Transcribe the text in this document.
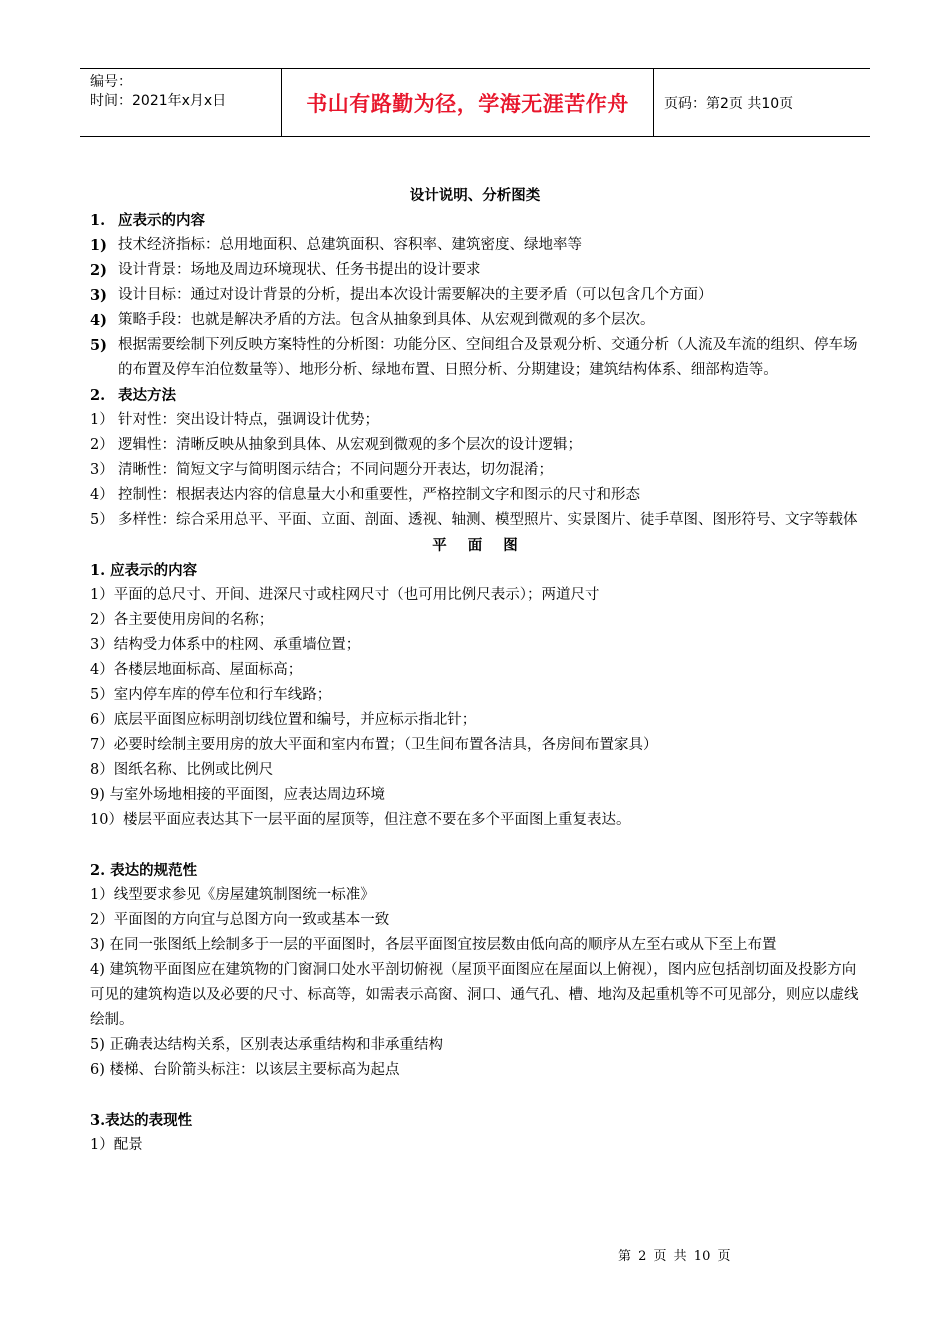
编号：
时间：2021年x月x日	书山有路勤为径，学海无涯苦作舟	页码：第2页 共10页
设计说明、分析图类
1. 应表示的内容
1) 技术经济指标：总用地面积、总建筑面积、容积率、建筑密度、绿地率等
2) 设计背景：场地及周边环境现状、任务书提出的设计要求
3) 设计目标：通过对设计背景的分析，提出本次设计需要解决的主要矛盾（可以包含几个方面）
4) 策略手段：也就是解决矛盾的方法。包含从抽象到具体、从宏观到微观的多个层次。
5) 根据需要绘制下列反映方案特性的分析图：功能分区、空间组合及景观分析、交通分析（人流及车流的组织、停车场的布置及停车泊位数量等）、地形分析、绿地布置、日照分析、分期建设；建筑结构体系、细部构造等。
2. 表达方法
1） 针对性：突出设计特点，强调设计优势；
2） 逻辑性：清晰反映从抽象到具体、从宏观到微观的多个层次的设计逻辑；
3） 清晰性：简短文字与简明图示结合；不同问题分开表达，切勿混淆；
4） 控制性：根据表达内容的信息量大小和重要性，严格控制文字和图示的尺寸和形态
5） 多样性：综合采用总平、平面、立面、剖面、透视、轴测、模型照片、实景图片、徒手草图、图形符号、文字等载体
平 面 图
1. 应表示的内容
1）平面的总尺寸、开间、进深尺寸或柱网尺寸（也可用比例尺表示）；两道尺寸
2）各主要使用房间的名称；
3）结构受力体系中的柱网、承重墙位置；
4）各楼层地面标高、屋面标高；
5）室内停车库的停车位和行车线路；
6）底层平面图应标明剖切线位置和编号，并应标示指北针；
7）必要时绘制主要用房的放大平面和室内布置；（卫生间布置各洁具，各房间布置家具）
8）图纸名称、比例或比例尺
9) 与室外场地相接的平面图，应表达周边环境
10）楼层平面应表达其下一层平面的屋顶等，但注意不要在多个平面图上重复表达。
2. 表达的规范性
1）线型要求参见《房屋建筑制图统一标准》
2）平面图的方向宜与总图方向一致或基本一致
3) 在同一张图纸上绘制多于一层的平面图时，各层平面图宜按层数由低向高的顺序从左至右或从下至上布置
4) 建筑物平面图应在建筑物的门窗洞口处水平剖切俯视（屋顶平面图应在屋面以上俯视），图内应包括剖切面及投影方向可见的建筑构造以及必要的尺寸、标高等，如需表示高窗、洞口、通气孔、槽、地沟及起重机等不可见部分，则应以虚线绘制。
5) 正确表达结构关系，区别表达承重结构和非承重结构
6) 楼梯、台阶箭头标注：以该层主要标高为起点
3.表达的表现性
1）配景
第 2 页 共 10 页
